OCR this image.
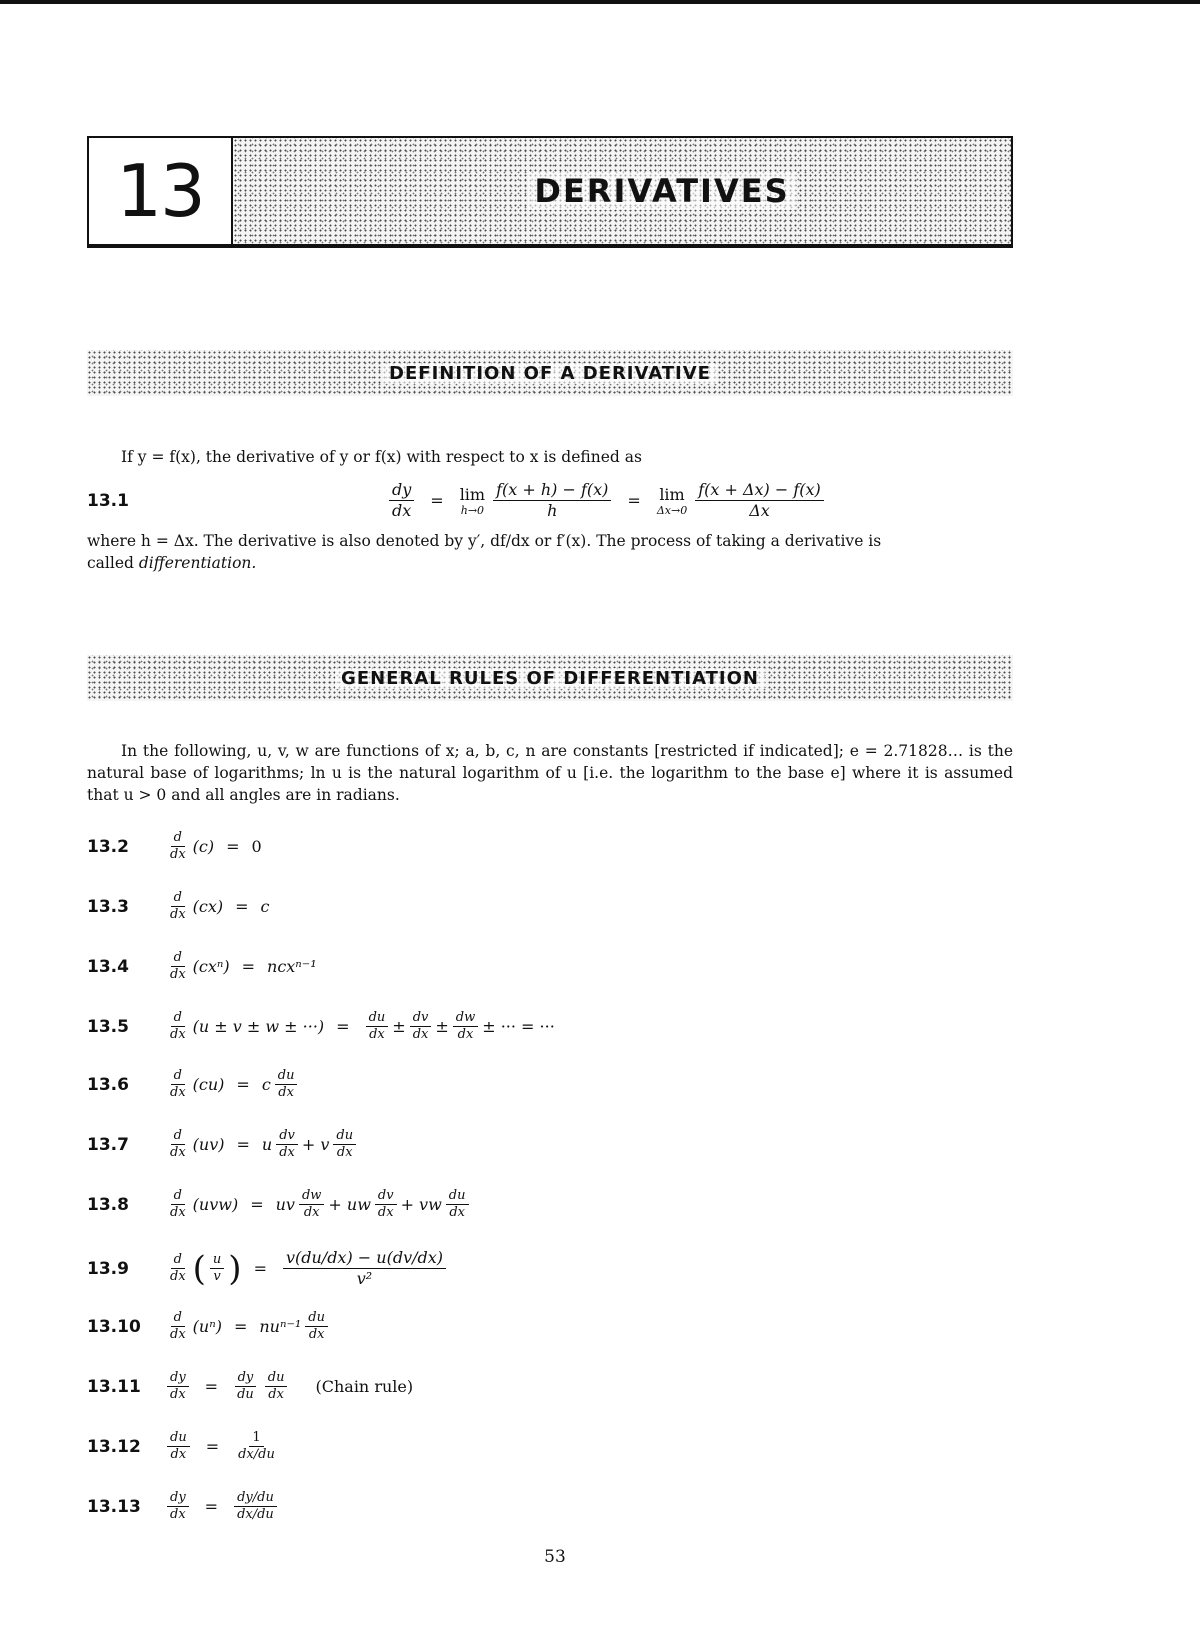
13	DERIVATIVES
DEFINITION OF A DERIVATIVE
If y = f(x), the derivative of y or f(x) with respect to x is defined as
13.1	$\frac{dy}{dx} = \lim$
$h\to 0 \frac{f(x + h) - f(x)}{h} = \lim$
$\Delta x\to 0 \frac{f(x + \Delta x) - f(x)}{\Delta x}$
where h = Δx. The derivative is also denoted by y′, df/dx or f′(x). The process of taking a derivative is
called differentiation.
GENERAL RULES OF DIFFERENTIATION
In the following, u, v, w are functions of x; a, b, c, n are constants [restricted if indicated]; e = 2.71828… is the natural base of logarithms; ln u is the natural logarithm of u [i.e. the logarithm to the base e] where it is assumed that u > 0 and all angles are in radians.
13.2	$\frac{d}{dx} (c) = 0$
13.3	$\frac{d}{dx} (cx) = c$
13.4	$\frac{d}{dx} (cx^n) = ncx^{n-1}$
13.5	$\frac{d}{dx} (u \pm v \pm w$ ± ···) = $\frac{du}{dx} \pm \frac{dv}{dx} \pm \frac{dw}{dx}$ ± ··· = ···
13.6	$\frac{d}{dx} (cu) = c \frac{du}{dx}$
13.7	$\frac{d}{dx} (uv) = u \frac{dv}{dx} + v \frac{du}{dx}$
13.8	$\frac{d}{dx} (uvw)$ = uv $\frac{dw}{dx}$ + uw $\frac{dv}{dx}$ + vw $\frac{du}{dx}$
13.9	$\frac{d}{dx}$ ( $\frac{u}{v}$ ) = $\frac{v(du/dx) - u(dv/dx)}{\text{v²}}$
13.10	$\frac{d}{dx} (u^n) = nu^{n-1} \frac{du}{dx}$
13.11	$\frac{dy}{dx} = \frac{dy}{du} \frac{du}{dx}$ (Chain rule)
13.12	$\frac{du}{dx} = \frac{1}{dx/du}$
13.13	$\frac{dy}{dx} = \frac{dy/du}{dx/du}$
53
